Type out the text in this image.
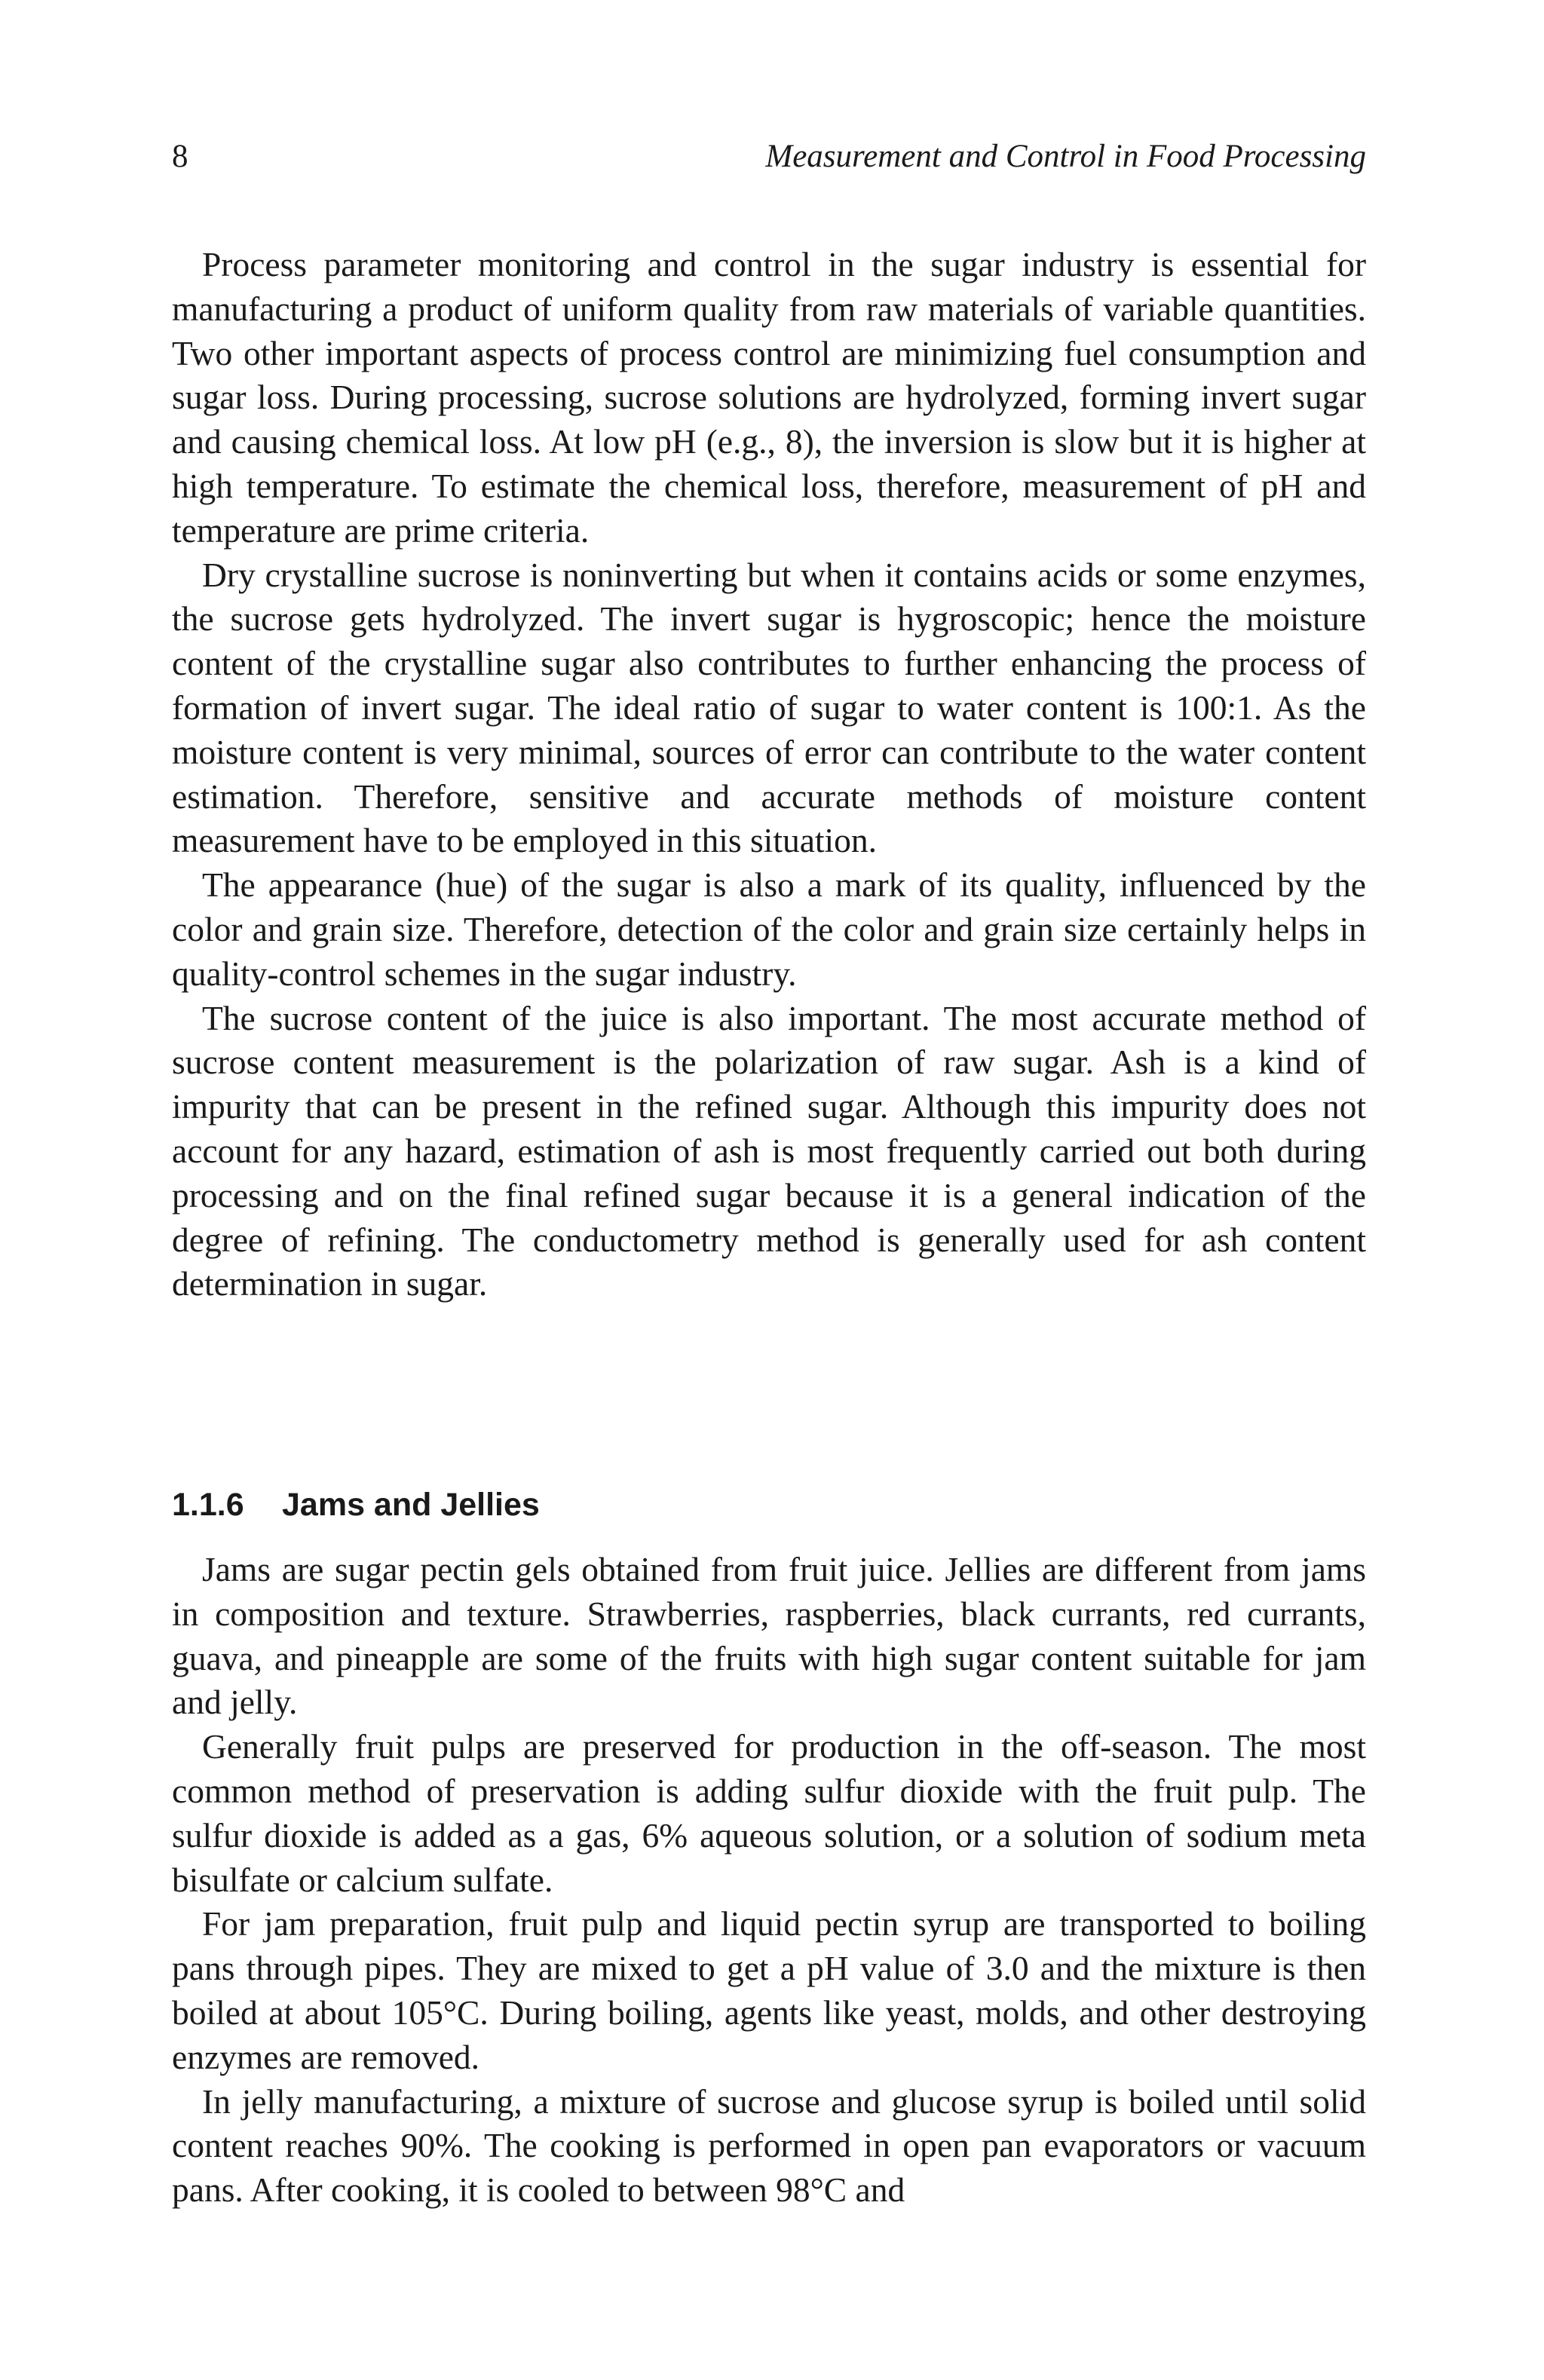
8	Measurement and Control in Food Processing

Process parameter monitoring and control in the sugar industry is essential for manufacturing a product of uniform quality from raw materials of variable quantities. Two other important aspects of process control are minimizing fuel consumption and sugar loss. During processing, sucrose solutions are hydrolyzed, forming invert sugar and causing chemical loss. At low pH (e.g., 8), the inversion is slow but it is higher at high temperature. To estimate the chemical loss, therefore, measurement of pH and temperature are prime criteria.

Dry crystalline sucrose is noninverting but when it contains acids or some enzymes, the sucrose gets hydrolyzed. The invert sugar is hygroscopic; hence the moisture content of the crystalline sugar also contributes to further enhancing the process of formation of invert sugar. The ideal ratio of sugar to water content is 100:1. As the moisture content is very minimal, sources of error can contribute to the water content estimation. Therefore, sensitive and accurate methods of moisture content measurement have to be employed in this situation.

The appearance (hue) of the sugar is also a mark of its quality, influenced by the color and grain size. Therefore, detection of the color and grain size certainly helps in quality-control schemes in the sugar industry.

The sucrose content of the juice is also important. The most accurate method of sucrose content measurement is the polarization of raw sugar. Ash is a kind of impurity that can be present in the refined sugar. Although this impurity does not account for any hazard, estimation of ash is most frequently carried out both during processing and on the final refined sugar because it is a general indication of the degree of refining. The conductometry method is generally used for ash content determination in sugar.

1.1.6 Jams and Jellies

Jams are sugar pectin gels obtained from fruit juice. Jellies are different from jams in composition and texture. Strawberries, raspberries, black currants, red currants, guava, and pineapple are some of the fruits with high sugar content suitable for jam and jelly.

Generally fruit pulps are preserved for production in the off-season. The most common method of preservation is adding sulfur dioxide with the fruit pulp. The sulfur dioxide is added as a gas, 6% aqueous solution, or a solution of sodium meta bisulfate or calcium sulfate.

For jam preparation, fruit pulp and liquid pectin syrup are transported to boiling pans through pipes. They are mixed to get a pH value of 3.0 and the mixture is then boiled at about 105°C. During boiling, agents like yeast, molds, and other destroying enzymes are removed.

In jelly manufacturing, a mixture of sucrose and glucose syrup is boiled until solid content reaches 90%. The cooking is performed in open pan evaporators or vacuum pans. After cooking, it is cooled to between 98°C and
